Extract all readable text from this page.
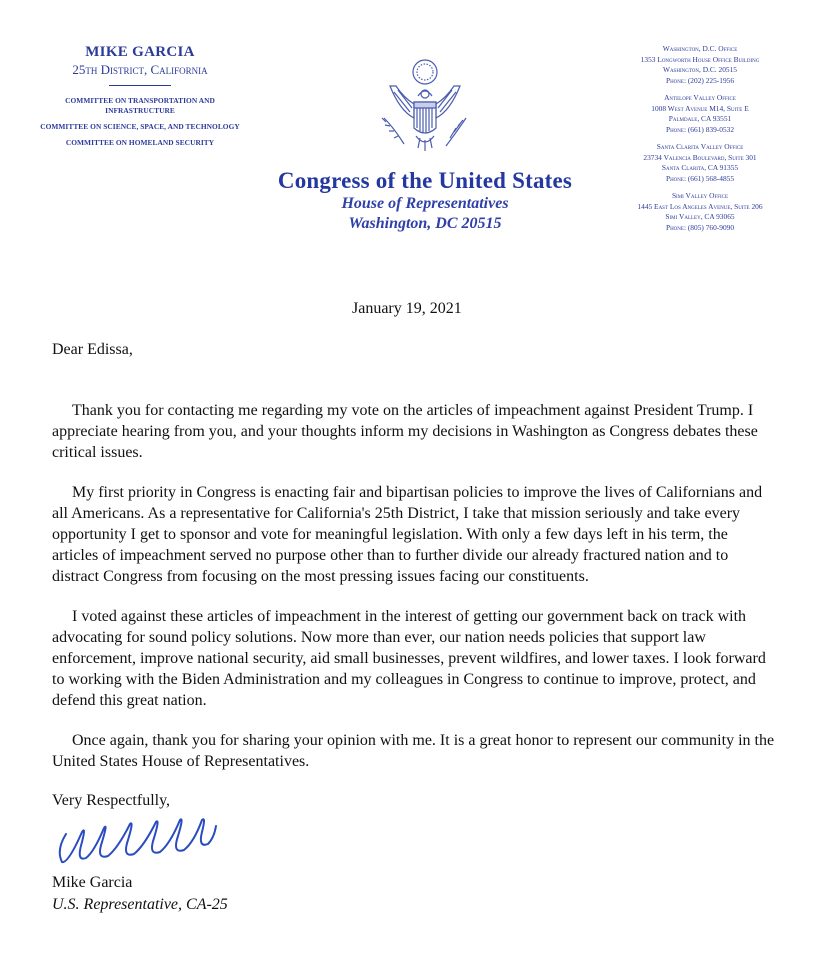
MIKE GARCIA
25th District, California
COMMITTEE ON TRANSPORTATION AND INFRASTRUCTURE
COMMITTEE ON SCIENCE, SPACE, AND TECHNOLOGY
COMMITTEE ON HOMELAND SECURITY
Congress of the United States
House of Representatives
Washington, DC 20515
Washington, D.C. Office
1353 Longworth House Office Building
Washington, D.C. 20515
Phone: (202) 225-1956
Antelope Valley Office
1008 West Avenue M14, Suite E
Palmdale, CA 93551
Phone: (661) 839-0532
Santa Clarita Valley Office
23734 Valencia Boulevard, Suite 301
Santa Clarita, CA 91355
Phone: (661) 568-4855
Simi Valley Office
1445 East Los Angeles Avenue, Suite 206
Simi Valley, CA 93065
Phone: (805) 760-9090
January 19, 2021
Dear Edissa,

Thank you for contacting me regarding my vote on the articles of impeachment against President Trump. I appreciate hearing from you, and your thoughts inform my decisions in Washington as Congress debates these critical issues.

My first priority in Congress is enacting fair and bipartisan policies to improve the lives of Californians and all Americans. As a representative for California's 25th District, I take that mission seriously and take every opportunity I get to sponsor and vote for meaningful legislation. With only a few days left in his term, the articles of impeachment served no purpose other than to further divide our already fractured nation and to distract Congress from focusing on the most pressing issues facing our constituents.

I voted against these articles of impeachment in the interest of getting our government back on track with advocating for sound policy solutions. Now more than ever, our nation needs policies that support law enforcement, improve national security, aid small businesses, prevent wildfires, and lower taxes. I look forward to working with the Biden Administration and my colleagues in Congress to continue to improve, protect, and defend this great nation.

Once again, thank you for sharing your opinion with me. It is a great honor to represent our community in the United States House of Representatives.

Very Respectfully,
Mike Garcia
U.S. Representative, CA-25
